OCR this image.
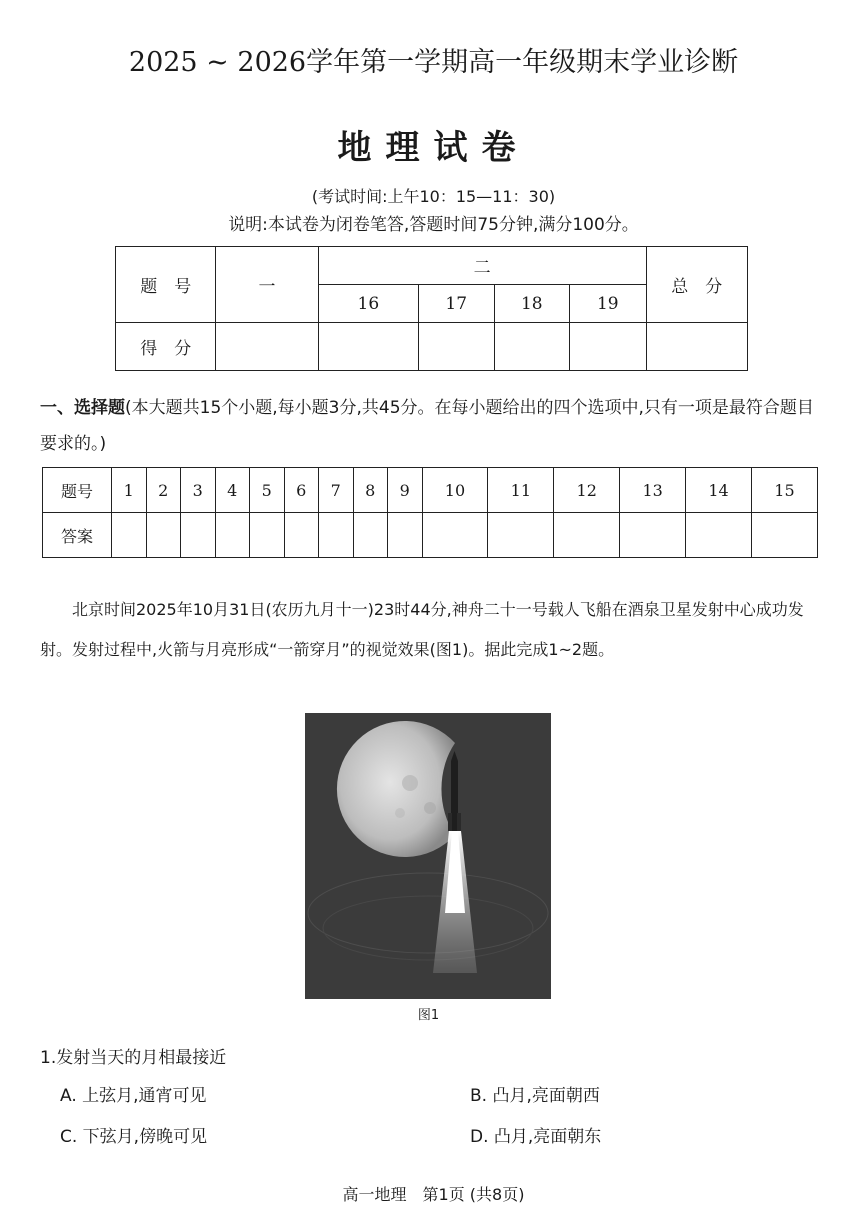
2025 ~ 2026学年第一学期高一年级期末学业诊断
地理试卷
(考试时间:上午10：15—11：30)
说明:本试卷为闭卷笔答,答题时间75分钟,满分100分。
题　号	一	二				总　分
		16	17	18	19	
得　分						
一、选择题(本大题共15个小题,每小题3分,共45分。在每小题给出的四个选项中,只有一项是最符合题目要求的。)
题号	1	2	3	4	5	6	7	8	9	10	11	12	13	14	15
答案															
北京时间2025年10月31日(农历九月十一)23时44分,神舟二十一号载人飞船在酒泉卫星发射中心成功发射。发射过程中,火箭与月亮形成“一箭穿月”的视觉效果(图1)。据此完成1~2题。
图1
1.发射当天的月相最接近
A. 上弦月,通宵可见	B. 凸月,亮面朝西
C. 下弦月,傍晚可见	D. 凸月,亮面朝东
高一地理　第1页 (共8页)
